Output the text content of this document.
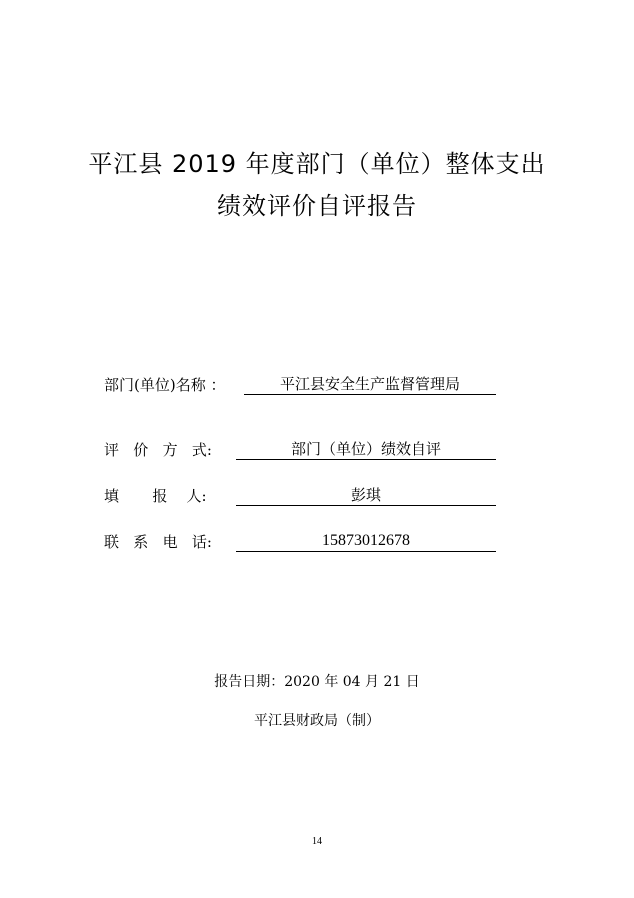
平江县 2019 年度部门（单位）整体支出
绩效评价自评报告
部门(单位)名称 ：	平江县安全生产监督管理局
评   价   方   式:	部门（单位）绩效自评
填       报    人:	彭琪
联   系   电   话:	15873012678
报告日期：2020 年 04 月 21 日
平江县财政局（制）
14
